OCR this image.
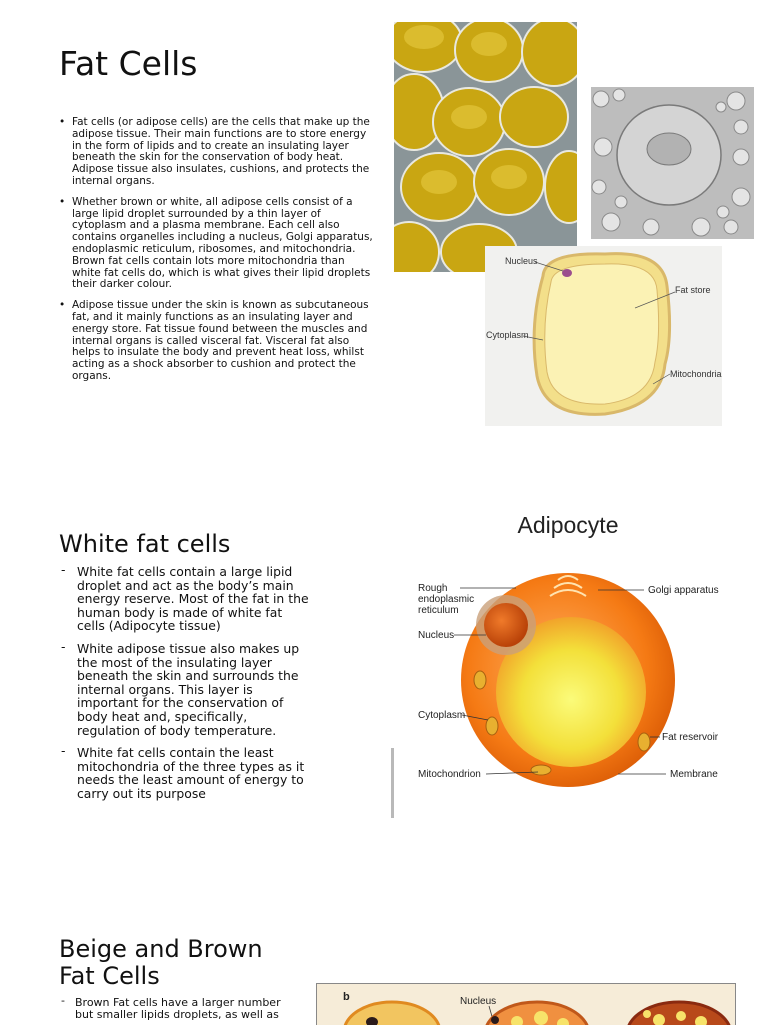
Fat Cells
• Fat cells (or adipose cells) are the cells that make up the adipose tissue. Their main functions are to store energy in the form of lipids and to create an insulating layer beneath the skin for the conservation of body heat. Adipose tissue also insulates, cushions, and protects the internal organs.
• Whether brown or white, all adipose cells consist of a large lipid droplet surrounded by a thin layer of cytoplasm and a plasma membrane. Each cell also contains organelles including a nucleus, Golgi apparatus, endoplasmic reticulum, ribosomes, and mitochondria. Brown fat cells contain lots more mitochondria than white fat cells do, which is what gives their lipid droplets their darker colour.
• Adipose tissue under the skin is known as subcutaneous fat, and it mainly functions as an insulating layer and energy store. Fat tissue found between the muscles and internal organs is called visceral fat. Visceral fat also helps to insulate the body and prevent heat loss, whilst acting as a shock absorber to cushion and protect the organs.
Nucleus
Fat store
Cytoplasm
Mitochondria
White fat cells
- White fat cells contain a large lipid droplet and act as the body’s main energy reserve. Most of the fat in the human body is made of white fat cells (Adipocyte tissue)
- White adipose tissue also makes up the most of the insulating layer beneath the skin and surrounds the internal organs. This layer is important for the conservation of body heat and, specifically, regulation of body temperature.
- White fat cells contain the least mitochondria of the three types as it needs the least amount of energy to carry out its purpose
Adipocyte
Rough
endoplasmic
reticulum
Nucleus
Cytoplasm
Mitochondrion
Golgi apparatus
Fat reservoir
Membrane
Beige and Brown Fat Cells
- Brown Fat cells have a larger number but smaller lipids droplets, as well as
b	Nucleus
